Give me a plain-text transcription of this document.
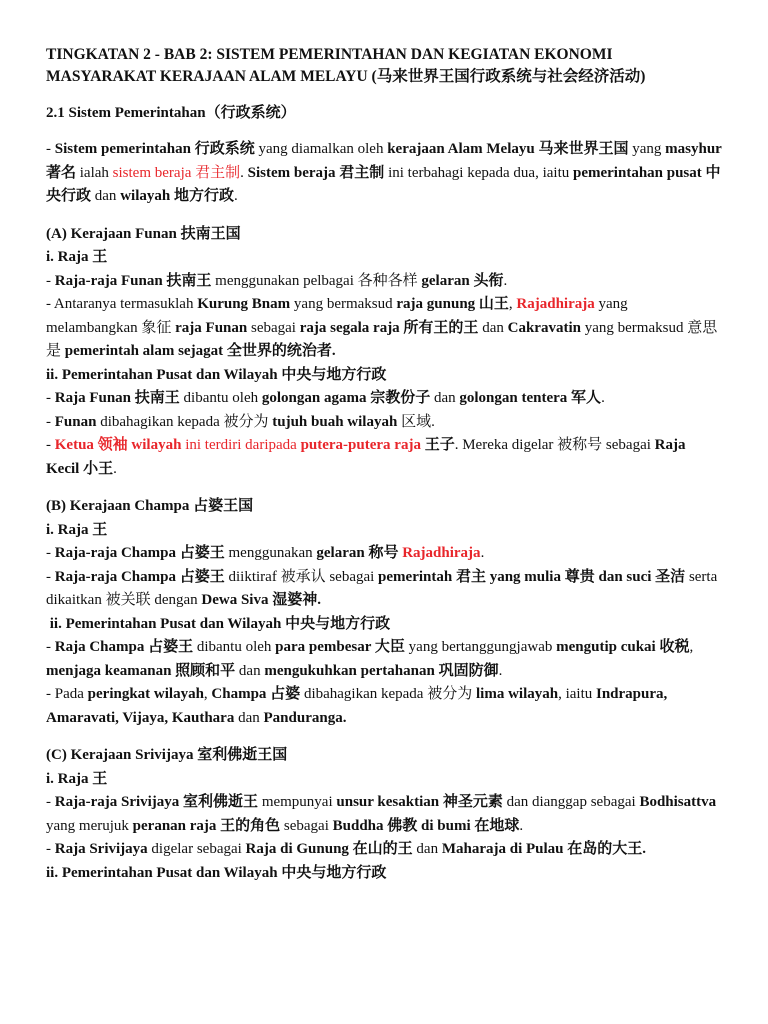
TINGKATAN 2 - BAB 2: SISTEM PEMERINTAHAN DAN KEGIATAN EKONOMI MASYARAKAT KERAJAAN ALAM MELAYU (马来世界王国行政系统与社会经济活动)
2.1 Sistem Pemerintahan（行政系统）

- Sistem pemerintahan 行政系统 yang diamalkan oleh kerajaan Alam Melayu 马来世界王国 yang masyhur 著名 ialah sistem beraja 君主制. Sistem beraja 君主制 ini terbahagi kepada dua, iaitu pemerintahan pusat 中央行政 dan wilayah 地方行政.

(A) Kerajaan Funan 扶南王国

i. Raja 王

- Raja-raja Funan 扶南王 menggunakan pelbagai 各种各样 gelaran 头衔.

- Antaranya termasuklah Kurung Bnam yang bermaksud raja gunung 山王, Rajadhiraja yang melambangkan 象征 raja Funan sebagai raja segala raja 所有王的王 dan Cakravatin yang bermaksud 意思是 pemerintah alam sejagat 全世界的统治者.

ii. Pemerintahan Pusat dan Wilayah 中央与地方行政

- Raja Funan 扶南王 dibantu oleh golongan agama 宗教份子 dan golongan tentera 军人.

- Funan dibahagikan kepada 被分为 tujuh buah wilayah 区域.

- Ketua 领袖 wilayah ini terdiri daripada putera-putera raja 王子. Mereka digelar 被称号 sebagai Raja Kecil 小王.

(B) Kerajaan Champa 占婆王国

i. Raja 王

- Raja-raja Champa 占婆王 menggunakan gelaran 称号 Rajadhiraja.

- Raja-raja Champa 占婆王 diiktiraf 被承认 sebagai pemerintah 君主 yang mulia 尊贵 dan suci 圣洁 serta dikaitkan 被关联 dengan Dewa Siva 湿婆神.

ii. Pemerintahan Pusat dan Wilayah 中央与地方行政

- Raja Champa 占婆王 dibantu oleh para pembesar 大臣 yang bertanggungjawab mengutip cukai 收税, menjaga keamanan 照顾和平 dan mengukuhkan pertahanan 巩固防御.

- Pada peringkat wilayah, Champa 占婆 dibahagikan kepada 被分为 lima wilayah, iaitu Indrapura, Amaravati, Vijaya, Kauthara dan Panduranga.

(C) Kerajaan Srivijaya 室利佛逝王国

i. Raja 王

- Raja-raja Srivijaya 室利佛逝王 mempunyai unsur kesaktian 神圣元素 dan dianggap sebagai Bodhisattva yang merujuk peranan raja 王的角色 sebagai Buddha 佛教 di bumi 在地球.

- Raja Srivijaya digelar sebagai Raja di Gunung 在山的王 dan Maharaja di Pulau 在岛的大王.

ii. Pemerintahan Pusat dan Wilayah 中央与地方行政
